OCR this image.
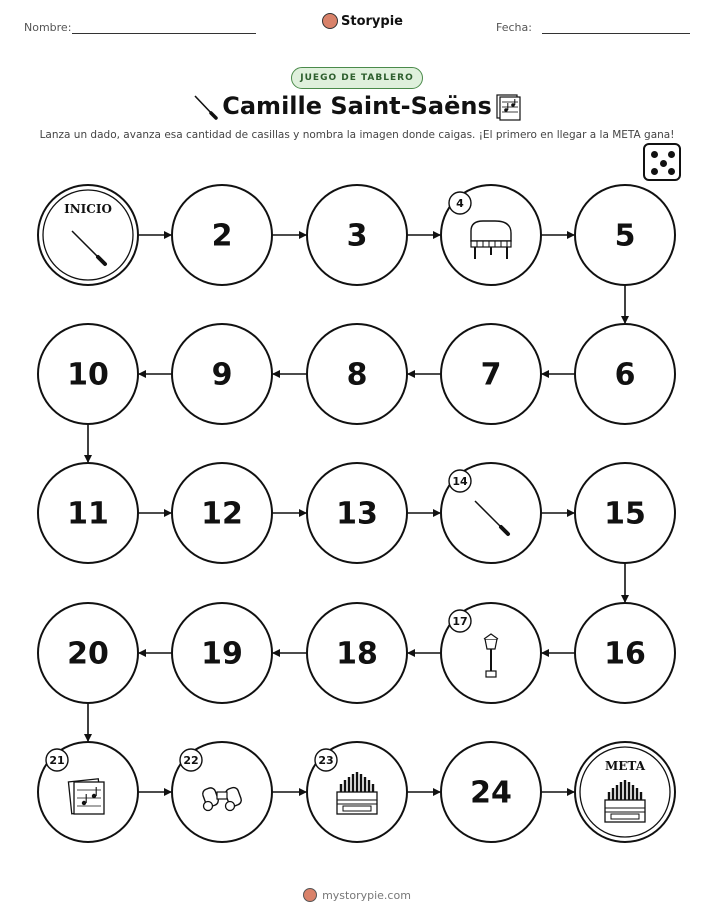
Nombre:	Storypie	Fecha:
JUEGO DE TABLERO
Camille Saint-Saëns
Lanza un dado, avanza esa cantidad de casillas y nombra la imagen donde caigas. ¡El primero en llegar a la META gana!
INICIO
2	3
4
5
6
7
8
9
10
11	12	13
14
15
16
17
18
19
20
21	22	23
24
META
mystorypie.com
